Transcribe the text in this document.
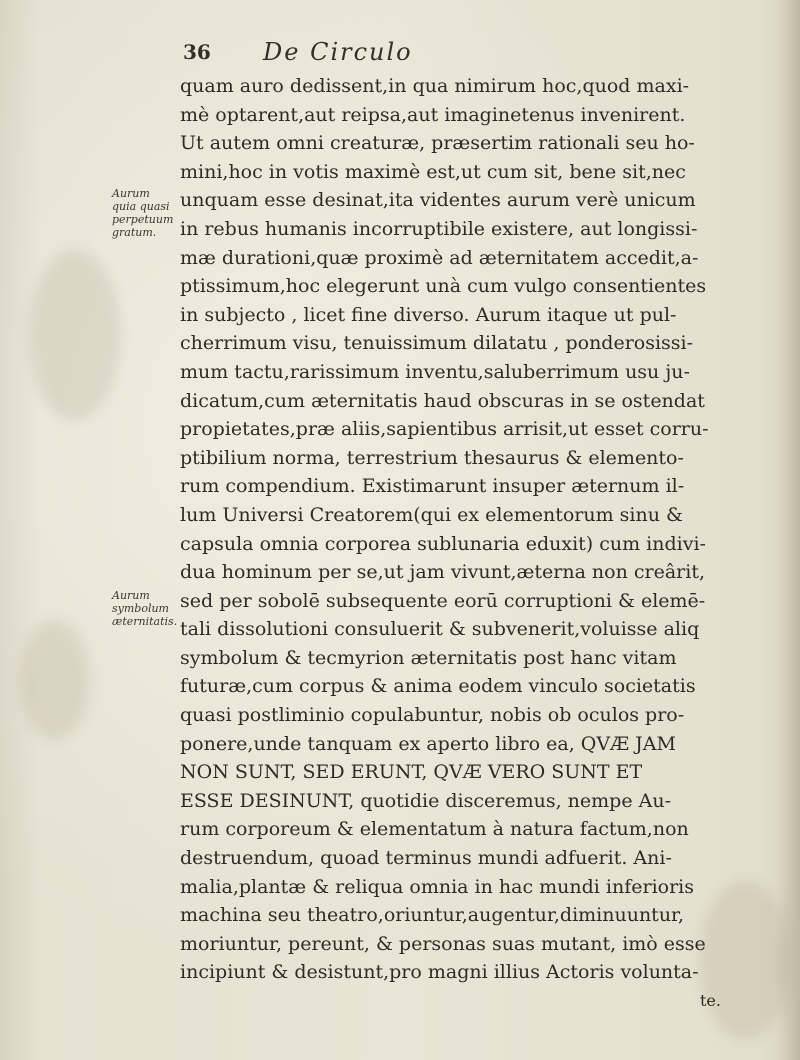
36 De Circulo
Aurum
quia quasi
perpetuum
gratum.
Aurum
symbolum
æternitatis.
quam auro dedissent,in qua nimirum hoc,quod maxi-
mè optarent,aut reipsa,aut imaginetenus invenirent.
Ut autem omni creaturæ, præsertim rationali seu ho-
mini,hoc in votis maximè est,ut cum sit, bene sit,nec
unquam esse desinat,ita videntes aurum verè unicum
in rebus humanis incorruptibile existere, aut longissi-
mæ durationi,quæ proximè ad æternitatem accedit,a-
ptissimum,hoc elegerunt unà cum vulgo consentientes
in subjecto , licet fine diverso. Aurum itaque ut pul-
cherrimum visu, tenuissimum dilatatu , ponderosissi-
mum tactu,rarissimum inventu,saluberrimum usu ju-
dicatum,cum æternitatis haud obscuras in se ostendat
propietates,præ aliis,sapientibus arrisit,ut esset corru-
ptibilium norma, terrestrium thesaurus & elemento-
rum compendium. Existimarunt insuper æternum il-
lum Universi Creatorem(qui ex elementorum sinu &
capsula omnia corporea sublunaria eduxit) cum indivi-
dua hominum per se,ut jam vivunt,æterna non creârit,
sed per sobolē subsequente eorū corruptioni & elemē-
tali dissolutioni consuluerit & subvenerit,voluisse aliq
symbolum & tecmyrion æternitatis post hanc vitam
futuræ,cum corpus & anima eodem vinculo societatis
quasi postliminio copulabuntur, nobis ob oculos pro-
ponere,unde tanquam ex aperto libro ea, QVÆ JAM
NON SUNT, SED ERUNT, QVÆ VERO SUNT ET
ESSE DESINUNT, quotidie disceremus, nempe Au-
rum corporeum & elementatum à natura factum,non
destruendum, quoad terminus mundi adfuerit. Ani-
malia,plantæ & reliqua omnia in hac mundi inferioris
machina seu theatro,oriuntur,augentur,diminuuntur,
moriuntur, pereunt, & personas suas mutant, imò esse
incipiunt & desistunt,pro magni illius Actoris volunta-
te.
